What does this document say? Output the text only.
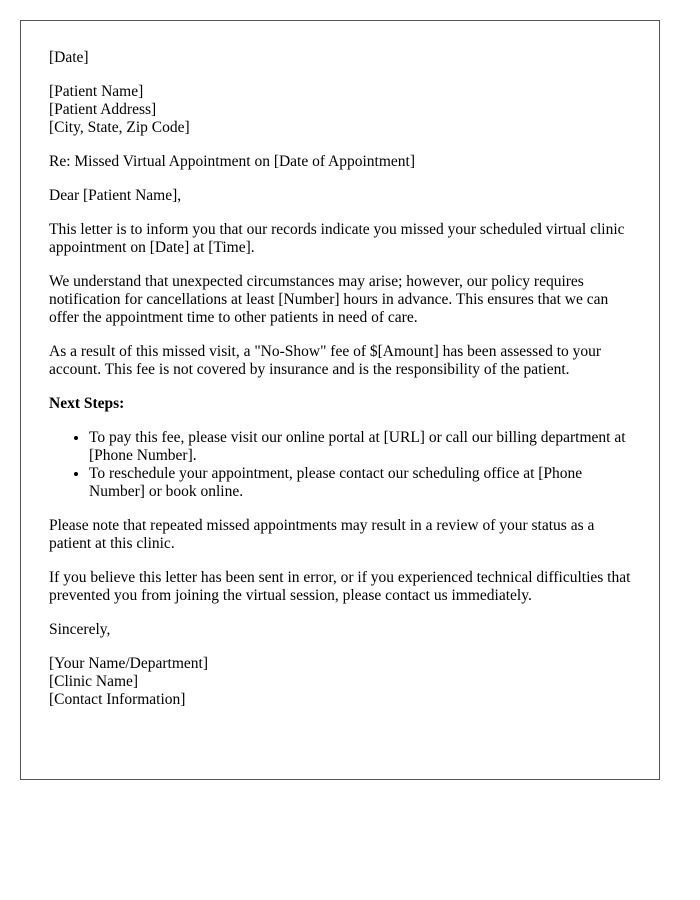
[Date]

[Patient Name]
[Patient Address]
[City, State, Zip Code]

Re: Missed Virtual Appointment on [Date of Appointment]

Dear [Patient Name],

This letter is to inform you that our records indicate you missed your scheduled virtual clinic appointment on [Date] at [Time].

We understand that unexpected circumstances may arise; however, our policy requires notification for cancellations at least [Number] hours in advance. This ensures that we can offer the appointment time to other patients in need of care.

As a result of this missed visit, a "No-Show" fee of $[Amount] has been assessed to your account. This fee is not covered by insurance and is the responsibility of the patient.

Next Steps:

• To pay this fee, please visit our online portal at [URL] or call our billing department at [Phone Number].
• To reschedule your appointment, please contact our scheduling office at [Phone Number] or book online.

Please note that repeated missed appointments may result in a review of your status as a patient at this clinic.

If you believe this letter has been sent in error, or if you experienced technical difficulties that prevented you from joining the virtual session, please contact us immediately.

Sincerely,

[Your Name/Department]
[Clinic Name]
[Contact Information]
